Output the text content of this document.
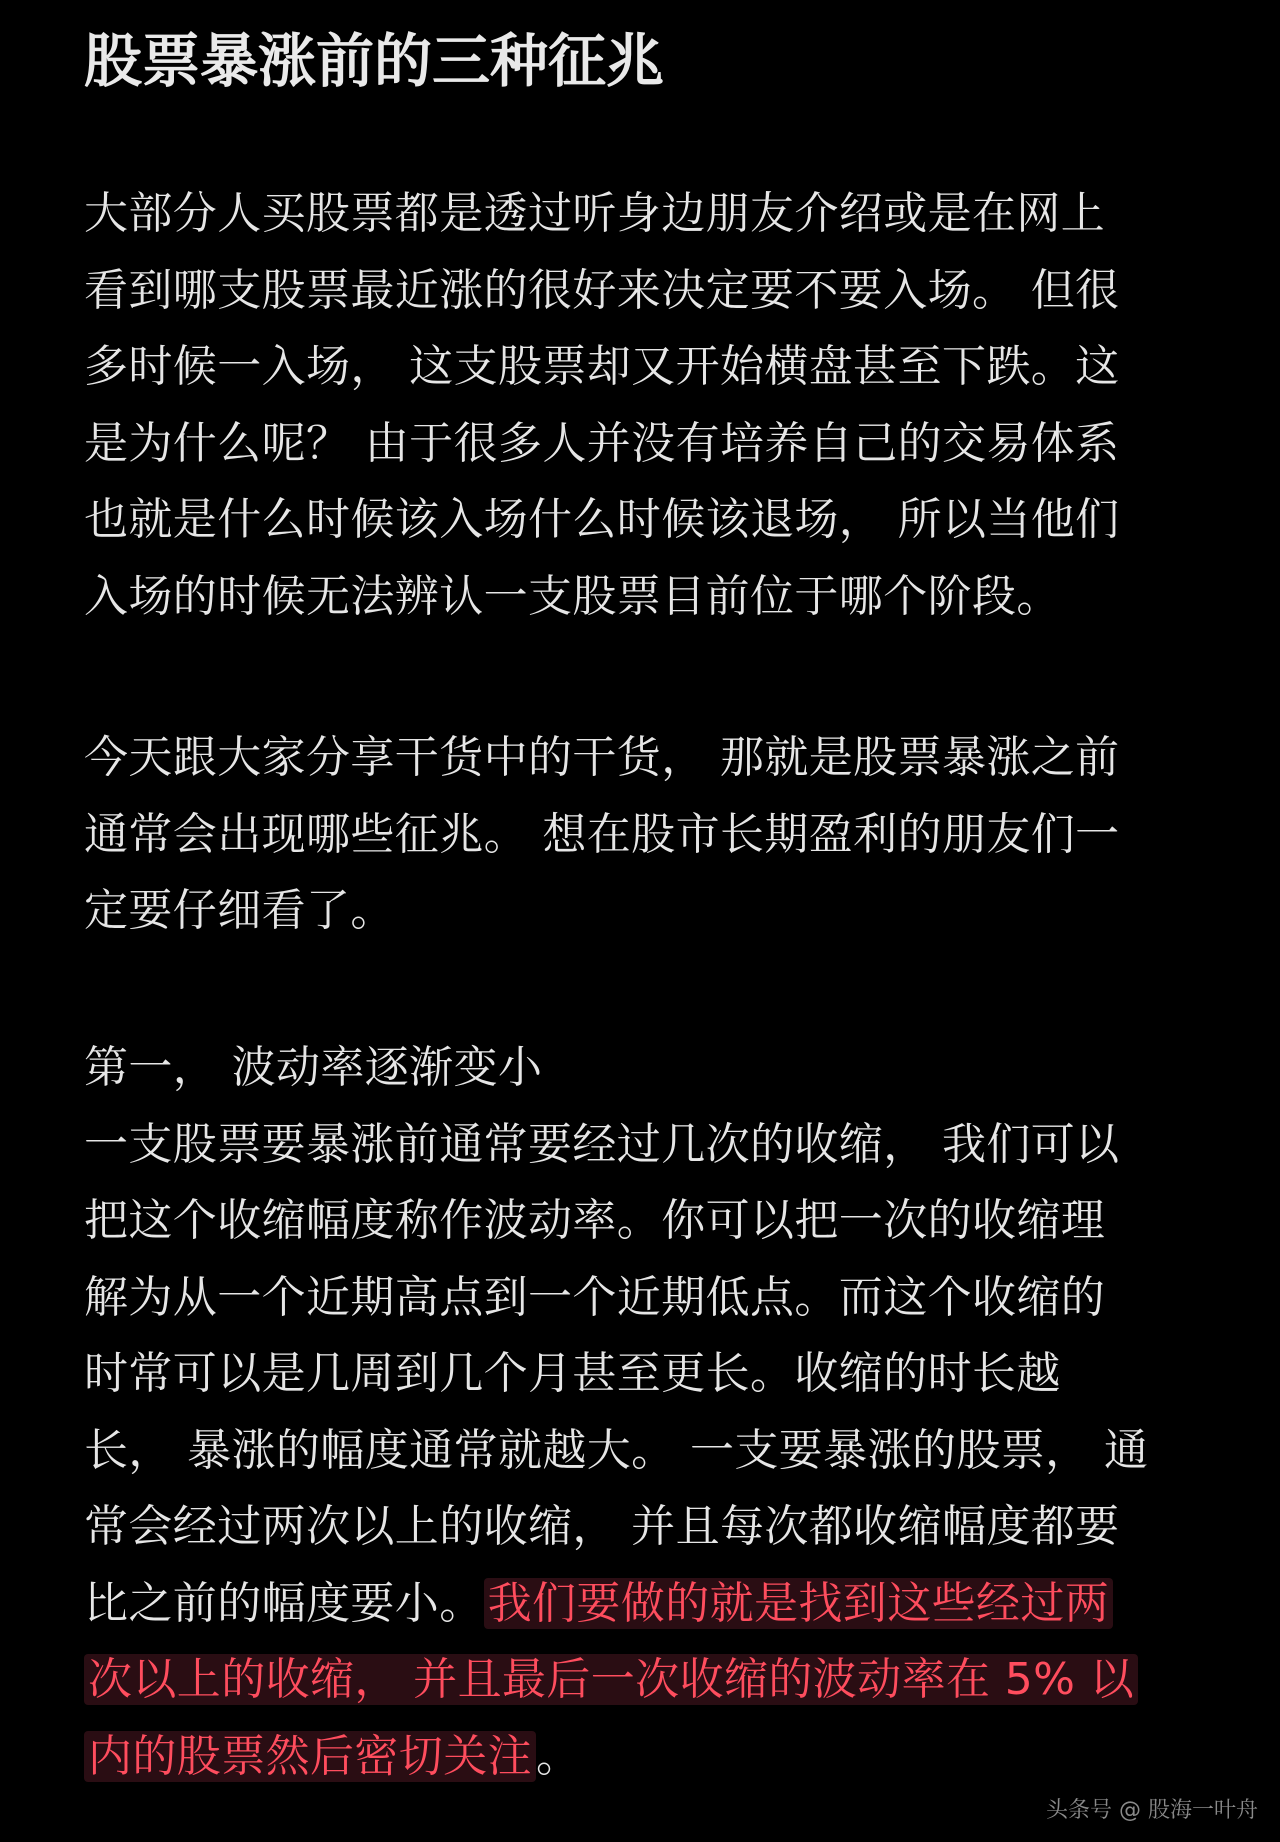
股票暴涨前的三种征兆
大部分人买股票都是透过听身边朋友介绍或是在网上
看到哪支股票最近涨的很好来决定要不要入场。 但很
多时候一入场， 这支股票却又开始横盘甚至下跌。这
是为什么呢？ 由于很多人并没有培养自己的交易体系
也就是什么时候该入场什么时候该退场， 所以当他们
入场的时候无法辨认一支股票目前位于哪个阶段。
今天跟大家分享干货中的干货， 那就是股票暴涨之前
通常会出现哪些征兆。 想在股市长期盈利的朋友们一
定要仔细看了。
第一， 波动率逐渐变小
一支股票要暴涨前通常要经过几次的收缩， 我们可以
把这个收缩幅度称作波动率。你可以把一次的收缩理
解为从一个近期高点到一个近期低点。而这个收缩的
时常可以是几周到几个月甚至更长。收缩的时长越
长， 暴涨的幅度通常就越大。 一支要暴涨的股票， 通
常会经过两次以上的收缩， 并且每次都收缩幅度都要
比之前的幅度要小。我们要做的就是找到这些经过两
次以上的收缩， 并且最后一次收缩的波动率在 5% 以
内的股票然后密切关注。
头条号 @ 股海一叶舟
